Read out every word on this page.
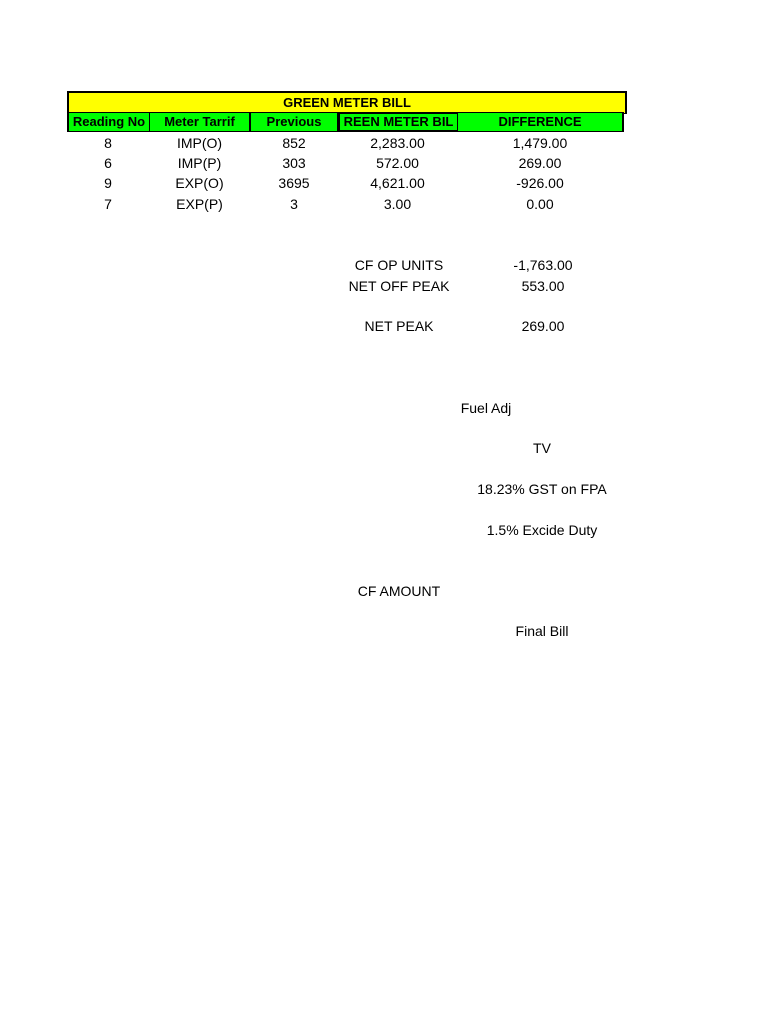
GREEN METER BILL
Reading No	Meter Tarrif	Previous	REEN METER BIL	DIFFERENCE
8	IMP(O)	852	2,283.00	1,479.00
6	IMP(P)	303	572.00	269.00
9	EXP(O)	3695	4,621.00	-926.00
7	EXP(P)	3	3.00	0.00
CF OP UNITS	-1,763.00
NET OFF PEAK	553.00
NET PEAK	269.00
Fuel Adj
TV
18.23% GST on FPA
1.5% Excide Duty
CF AMOUNT
Final Bill
